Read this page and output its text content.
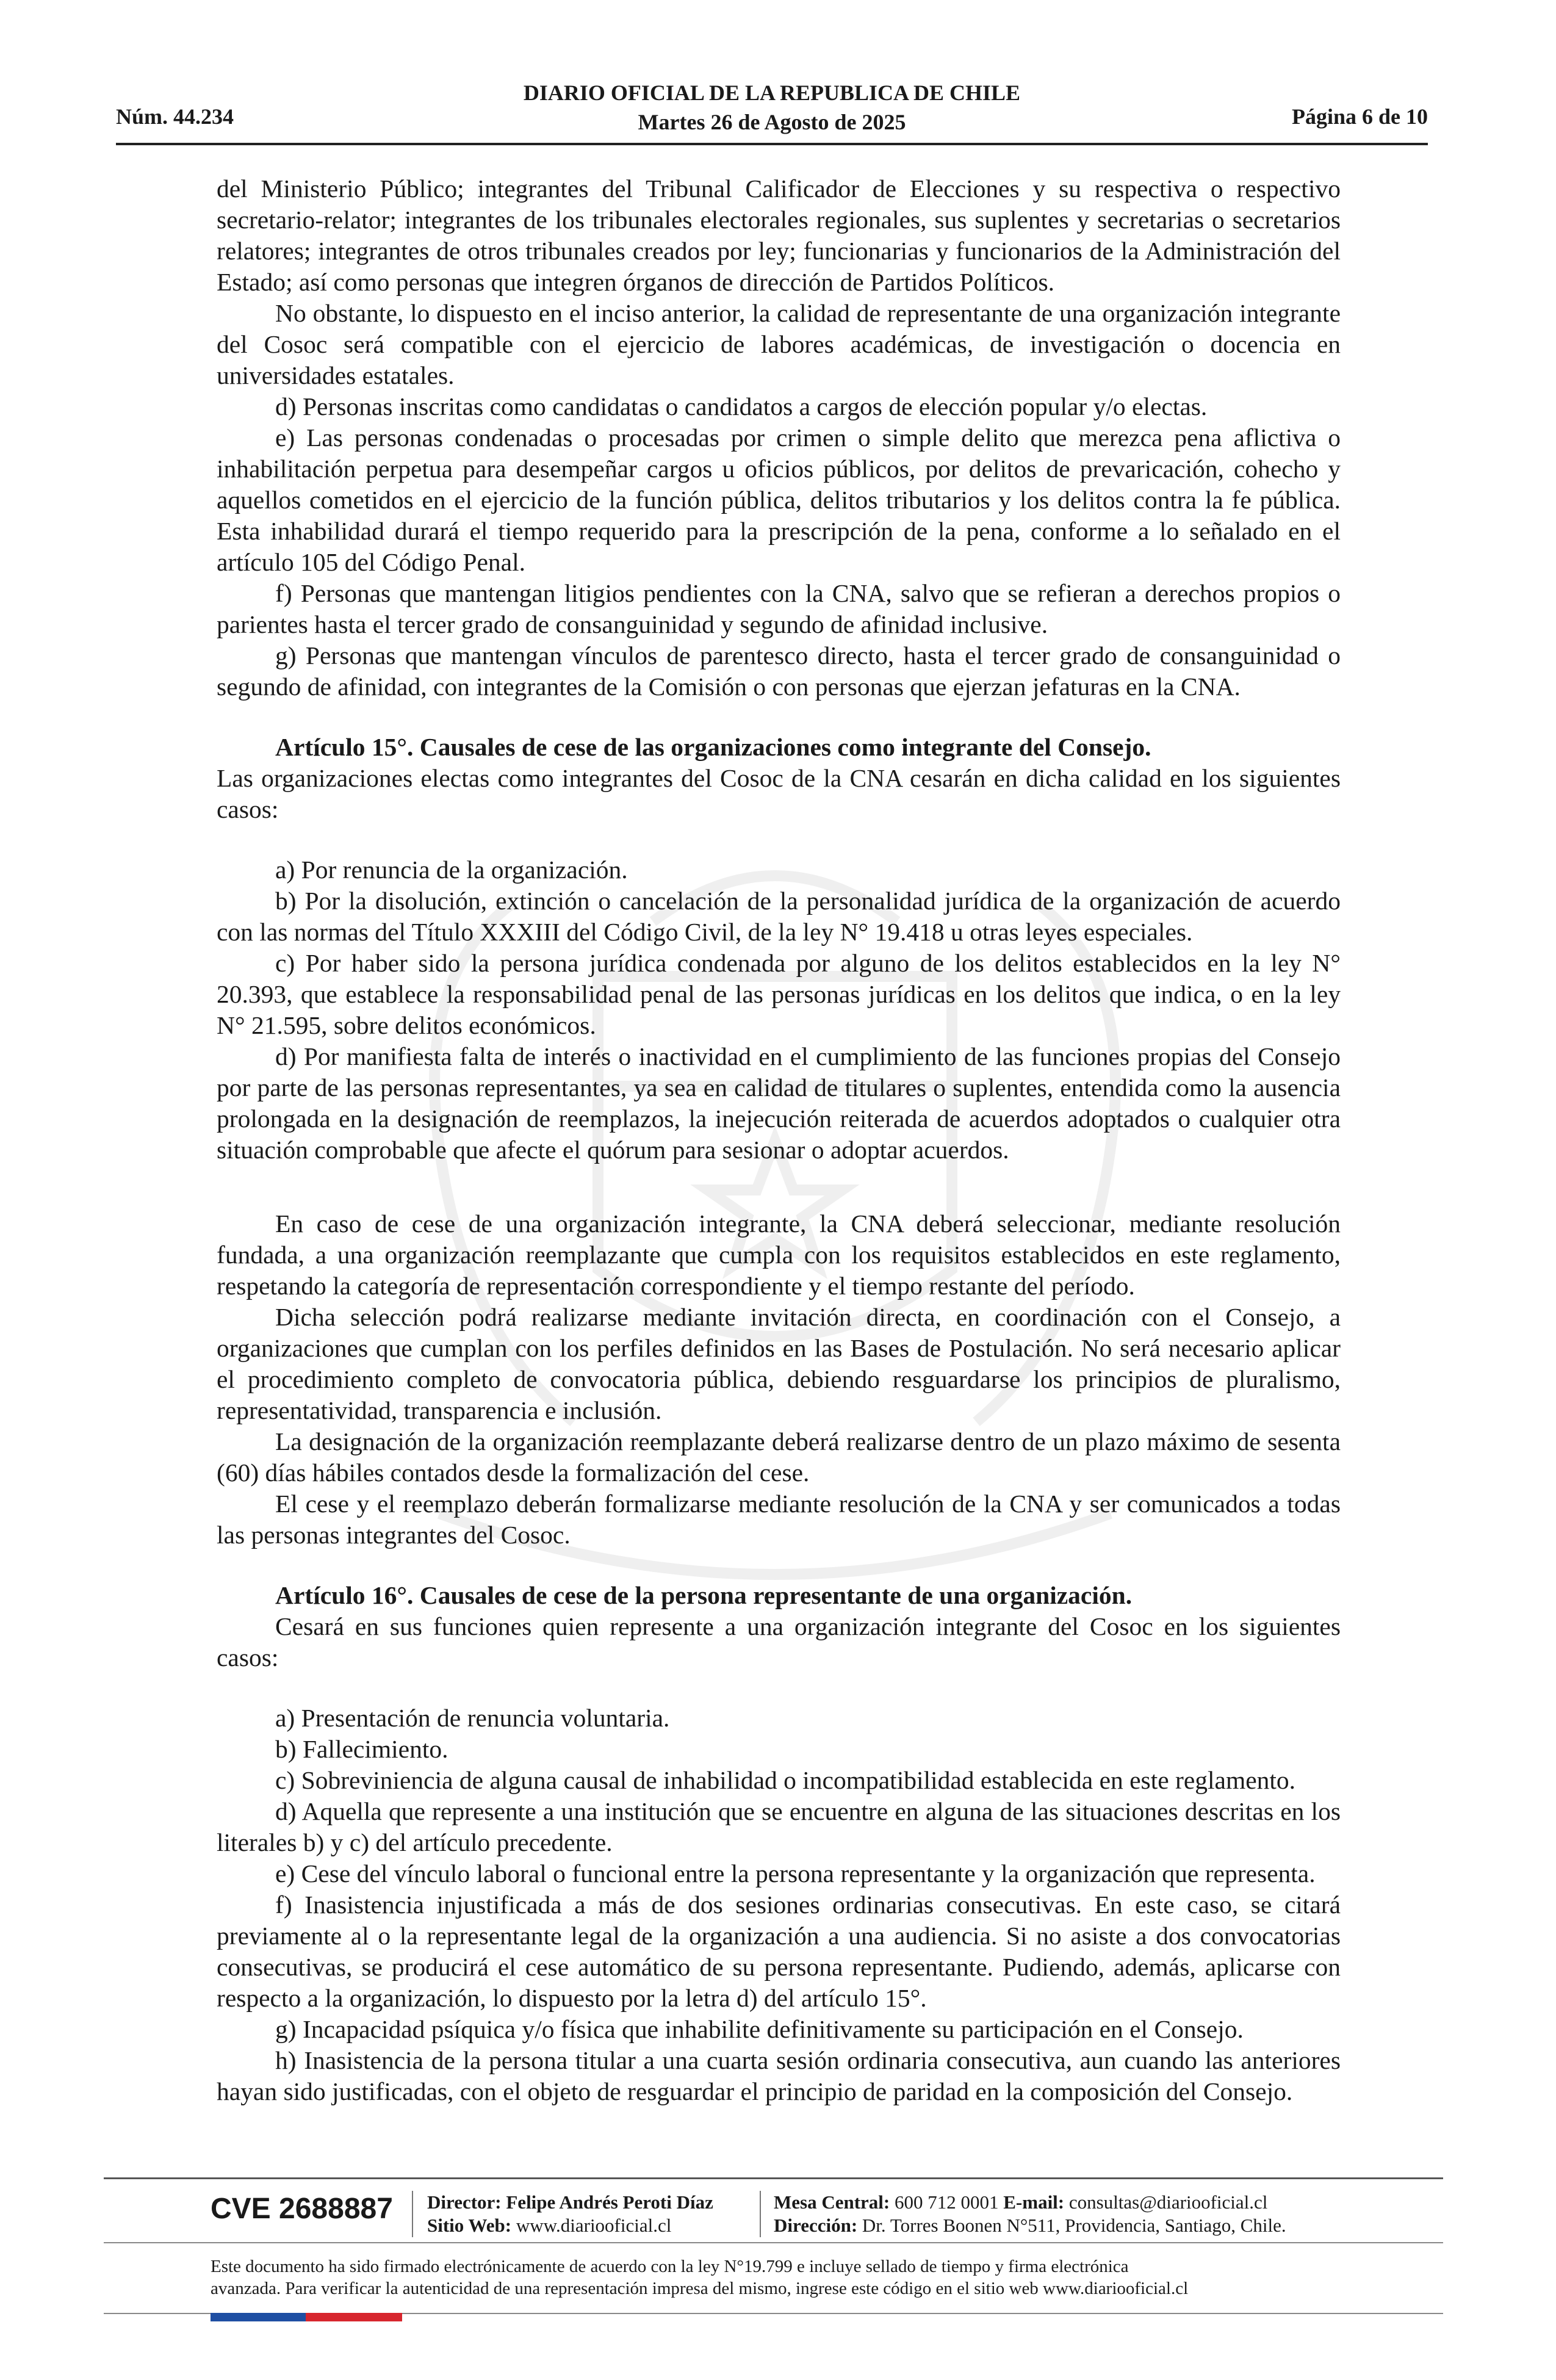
Núm. 44.234
DIARIO OFICIAL DE LA REPUBLICA DE CHILE
Martes 26 de Agosto de 2025	Página 6 de 10

del Ministerio Público; integrantes del Tribunal Calificador de Elecciones y su respectiva o respectivo secretario-relator; integrantes de los tribunales electorales regionales, sus suplentes y secretarias o secretarios relatores; integrantes de otros tribunales creados por ley; funcionarias y funcionarios de la Administración del Estado; así como personas que integren órganos de dirección de Partidos Políticos.

No obstante, lo dispuesto en el inciso anterior, la calidad de representante de una organización integrante del Cosoc será compatible con el ejercicio de labores académicas, de investigación o docencia en universidades estatales.

d) Personas inscritas como candidatas o candidatos a cargos de elección popular y/o electas.

e) Las personas condenadas o procesadas por crimen o simple delito que merezca pena aflictiva o inhabilitación perpetua para desempeñar cargos u oficios públicos, por delitos de prevaricación, cohecho y aquellos cometidos en el ejercicio de la función pública, delitos tributarios y los delitos contra la fe pública. Esta inhabilidad durará el tiempo requerido para la prescripción de la pena, conforme a lo señalado en el artículo 105 del Código Penal.

f) Personas que mantengan litigios pendientes con la CNA, salvo que se refieran a derechos propios o parientes hasta el tercer grado de consanguinidad y segundo de afinidad inclusive.

g) Personas que mantengan vínculos de parentesco directo, hasta el tercer grado de consanguinidad o segundo de afinidad, con integrantes de la Comisión o con personas que ejerzan jefaturas en la CNA.

Artículo 15°. Causales de cese de las organizaciones como integrante del Consejo.

Las organizaciones electas como integrantes del Cosoc de la CNA cesarán en dicha calidad en los siguientes casos:

a) Por renuncia de la organización.

b) Por la disolución, extinción o cancelación de la personalidad jurídica de la organización de acuerdo con las normas del Título XXXIII del Código Civil, de la ley N° 19.418 u otras leyes especiales.

c) Por haber sido la persona jurídica condenada por alguno de los delitos establecidos en la ley N° 20.393, que establece la responsabilidad penal de las personas jurídicas en los delitos que indica, o en la ley N° 21.595, sobre delitos económicos.

d) Por manifiesta falta de interés o inactividad en el cumplimiento de las funciones propias del Consejo por parte de las personas representantes, ya sea en calidad de titulares o suplentes, entendida como la ausencia prolongada en la designación de reemplazos, la inejecución reiterada de acuerdos adoptados o cualquier otra situación comprobable que afecte el quórum para sesionar o adoptar acuerdos.

En caso de cese de una organización integrante, la CNA deberá seleccionar, mediante resolución fundada, a una organización reemplazante que cumpla con los requisitos establecidos en este reglamento, respetando la categoría de representación correspondiente y el tiempo restante del período.

Dicha selección podrá realizarse mediante invitación directa, en coordinación con el Consejo, a organizaciones que cumplan con los perfiles definidos en las Bases de Postulación. No será necesario aplicar el procedimiento completo de convocatoria pública, debiendo resguardarse los principios de pluralismo, representatividad, transparencia e inclusión.

La designación de la organización reemplazante deberá realizarse dentro de un plazo máximo de sesenta (60) días hábiles contados desde la formalización del cese.

El cese y el reemplazo deberán formalizarse mediante resolución de la CNA y ser comunicados a todas las personas integrantes del Cosoc.

Artículo 16°. Causales de cese de la persona representante de una organización.

Cesará en sus funciones quien represente a una organización integrante del Cosoc en los siguientes casos:

a) Presentación de renuncia voluntaria.

b) Fallecimiento.

c) Sobreviniencia de alguna causal de inhabilidad o incompatibilidad establecida en este reglamento.

d) Aquella que represente a una institución que se encuentre en alguna de las situaciones descritas en los literales b) y c) del artículo precedente.

e) Cese del vínculo laboral o funcional entre la persona representante y la organización que representa.

f) Inasistencia injustificada a más de dos sesiones ordinarias consecutivas. En este caso, se citará previamente al o la representante legal de la organización a una audiencia. Si no asiste a dos convocatorias consecutivas, se producirá el cese automático de su persona representante. Pudiendo, además, aplicarse con respecto a la organización, lo dispuesto por la letra d) del artículo 15°.

g) Incapacidad psíquica y/o física que inhabilite definitivamente su participación en el Consejo.

h) Inasistencia de la persona titular a una cuarta sesión ordinaria consecutiva, aun cuando las anteriores hayan sido justificadas, con el objeto de resguardar el principio de paridad en la composición del Consejo.

CVE 2688887 Director: Felipe Andrés Peroti Díaz
Sitio Web: www.diariooficial.cl
Mesa Central: 600 712 0001 E-mail: consultas@diariooficial.cl
Dirección: Dr. Torres Boonen N°511, Providencia, Santiago, Chile.
Este documento ha sido firmado electrónicamente de acuerdo con la ley N°19.799 e incluye sellado de tiempo y firma electrónica
avanzada. Para verificar la autenticidad de una representación impresa del mismo, ingrese este código en el sitio web www.diariooficial.cl
